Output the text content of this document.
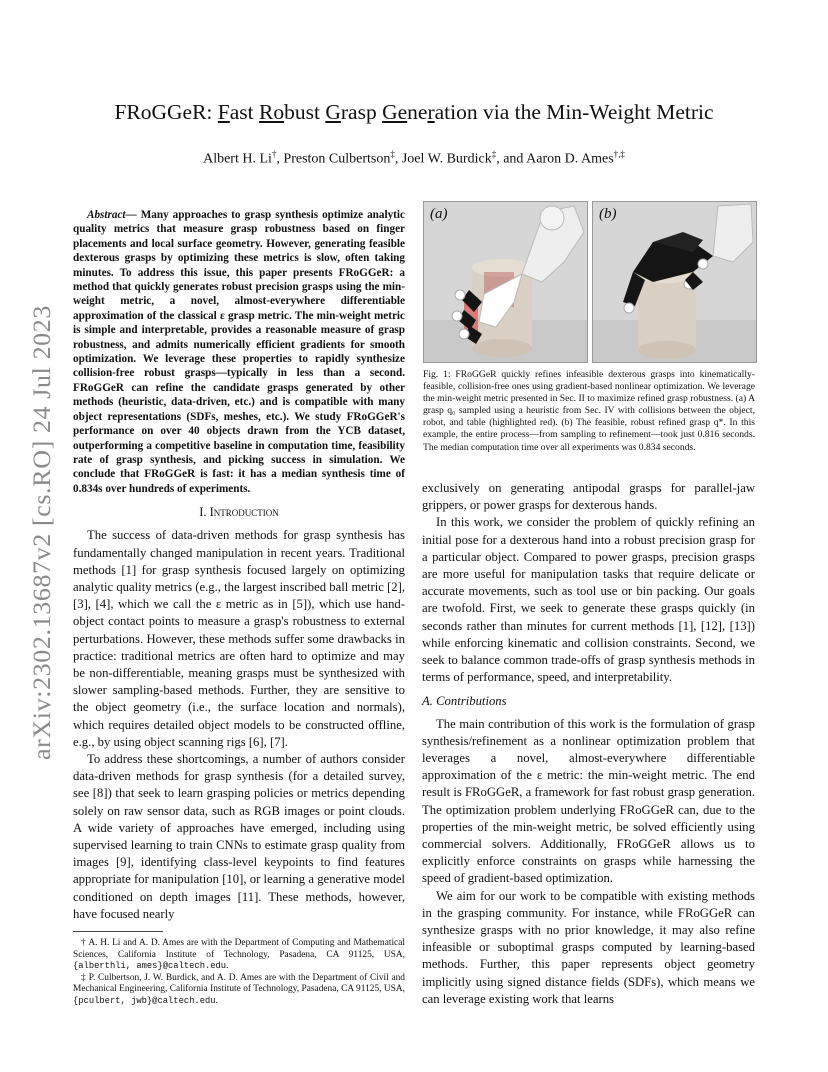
arXiv:2302.13687v2 [cs.RO] 24 Jul 2023
FRoGGeR: Fast Robust Grasp Generation via the Min-Weight Metric
Albert H. Li†, Preston Culbertson‡, Joel W. Burdick‡, and Aaron D. Ames†,‡

Abstract— Many approaches to grasp synthesis optimize analytic quality metrics that measure grasp robustness based on finger placements and local surface geometry. However, generating feasible dexterous grasps by optimizing these metrics is slow, often taking minutes. To address this issue, this paper presents FRoGGeR: a method that quickly generates robust precision grasps using the min-weight metric, a novel, almost-everywhere differentiable approximation of the classical ε grasp metric. The min-weight metric is simple and interpretable, provides a reasonable measure of grasp robustness, and admits numerically efficient gradients for smooth optimization. We leverage these properties to rapidly synthesize collision-free robust grasps—typically in less than a second. FRoGGeR can refine the candidate grasps generated by other methods (heuristic, data-driven, etc.) and is compatible with many object representations (SDFs, meshes, etc.). We study FRoGGeR's performance on over 40 objects drawn from the YCB dataset, outperforming a competitive baseline in computation time, feasibility rate of grasp synthesis, and picking success in simulation. We conclude that FRoGGeR is fast: it has a median synthesis time of 0.834s over hundreds of experiments.

I. Introduction

The success of data-driven methods for grasp synthesis has fundamentally changed manipulation in recent years. Traditional methods [1] for grasp synthesis focused largely on optimizing analytic quality metrics (e.g., the largest inscribed ball metric [2], [3], [4], which we call the ε metric as in [5]), which use hand-object contact points to measure a grasp's robustness to external perturbations. However, these methods suffer some drawbacks in practice: traditional metrics are often hard to optimize and may be non-differentiable, meaning grasps must be synthesized with slower sampling-based methods. Further, they are sensitive to the object geometry (i.e., the surface location and normals), which requires detailed object models to be constructed offline, e.g., by using object scanning rigs [6], [7].

To address these shortcomings, a number of authors consider data-driven methods for grasp synthesis (for a detailed survey, see [8]) that seek to learn grasping policies or metrics depending solely on raw sensor data, such as RGB images or point clouds. A wide variety of approaches have emerged, including using supervised learning to train CNNs to estimate grasp quality from images [9], identifying class-level keypoints to find features appropriate for manipulation [10], or learning a generative model conditioned on depth images [11]. These methods, however, have focused nearly

† A. H. Li and A. D. Ames are with the Department of Computing and Mathematical Sciences, California Institute of Technology, Pasadena, CA 91125, USA, {alberthli, ames}@caltech.edu.

‡ P. Culbertson, J. W. Burdick, and A. D. Ames are with the Department of Civil and Mechanical Engineering, California Institute of Technology, Pasadena, CA 91125, USA, {pculbert, jwb}@caltech.edu.

(a)	(b)
Fig. 1: FRoGGeR quickly refines infeasible dexterous grasps into kinematically-feasible, collision-free ones using gradient-based nonlinear optimization. We leverage the min-weight metric presented in Sec. II to maximize refined grasp robustness. (a) A grasp q₀ sampled using a heuristic from Sec. IV with collisions between the object, robot, and table (highlighted red). (b) The feasible, robust refined grasp q*. In this example, the entire process—from sampling to refinement—took just 0.816 seconds. The median computation time over all experiments was 0.834 seconds.

exclusively on generating antipodal grasps for parallel-jaw grippers, or power grasps for dexterous hands.

In this work, we consider the problem of quickly refining an initial pose for a dexterous hand into a robust precision grasp for a particular object. Compared to power grasps, precision grasps are more useful for manipulation tasks that require delicate or accurate movements, such as tool use or bin packing. Our goals are twofold. First, we seek to generate these grasps quickly (in seconds rather than minutes for current methods [1], [12], [13]) while enforcing kinematic and collision constraints. Second, we seek to balance common trade-offs of grasp synthesis methods in terms of performance, speed, and interpretability.

A. Contributions

The main contribution of this work is the formulation of grasp synthesis/refinement as a nonlinear optimization problem that leverages a novel, almost-everywhere differentiable approximation of the ε metric: the min-weight metric. The end result is FRoGGeR, a framework for fast robust grasp generation. The optimization problem underlying FRoGGeR can, due to the properties of the min-weight metric, be solved efficiently using commercial solvers. Additionally, FRoGGeR allows us to explicitly enforce constraints on grasps while harnessing the speed of gradient-based optimization.

We aim for our work to be compatible with existing methods in the grasping community. For instance, while FRoGGeR can synthesize grasps with no prior knowledge, it may also refine infeasible or suboptimal grasps computed by learning-based methods. Further, this paper represents object geometry implicitly using signed distance fields (SDFs), which means we can leverage existing work that learns
